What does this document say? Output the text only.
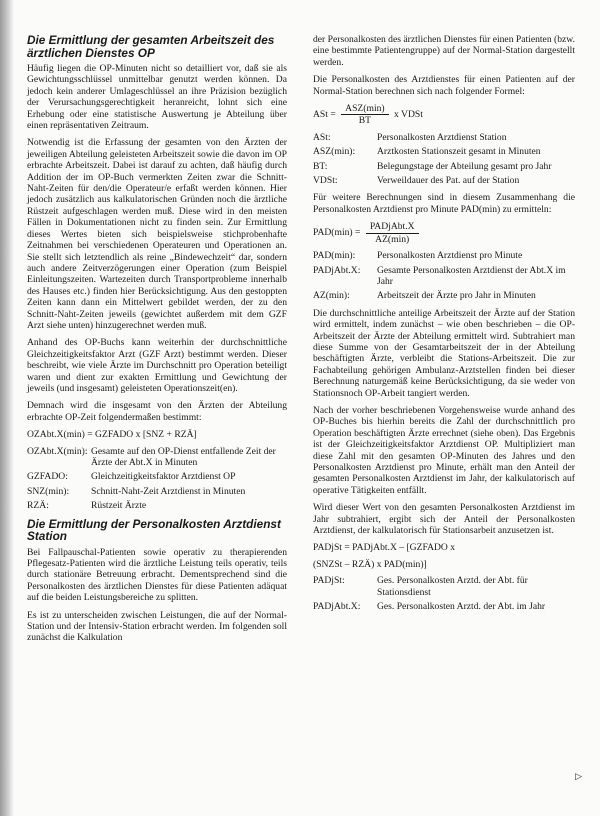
Die Ermittlung der gesamten Arbeitszeit des ärztlichen Dienstes OP

Häufig liegen die OP-Minuten nicht so detailliert vor, daß sie als Gewichtungsschlüssel unmittelbar genutzt werden können. Da jedoch kein anderer Umlageschlüssel an ihre Präzision bezüglich der Verursachungsgerechtigkeit heranreicht, lohnt sich eine Erhebung oder eine statistische Auswertung je Abteilung über einen repräsentativen Zeitraum.

Notwendig ist die Erfassung der gesamten von den Ärzten der jeweiligen Abteilung geleisteten Arbeitszeit sowie die davon im OP erbrachte Arbeitszeit. Dabei ist darauf zu achten, daß häufig durch Addition der im OP-Buch vermerkten Zeiten zwar die Schnitt-Naht-Zeiten für den/die Operateur/e erfaßt werden können. Hier jedoch zusätzlich aus kalkulatorischen Gründen noch die ärztliche Rüstzeit aufgeschlagen werden muß. Diese wird in den meisten Fällen in Dokumentationen nicht zu finden sein. Zur Ermittlung dieses Wertes bieten sich beispielsweise stichprobenhafte Zeitnahmen bei verschiedenen Operateuren und Operationen an. Sie stellt sich letztendlich als reine „Bindewechzeit“ dar, sondern auch andere Zeitverzögerungen einer Operation (zum Beispiel Einleitungszeiten. Wartezeiten durch Transportprobleme innerhalb des Hauses etc.) finden hier Berücksichtigung. Aus den gestoppten Zeiten kann dann ein Mittelwert gebildet werden, der zu den Schnitt-Naht-Zeiten jeweils (gewichtet außerdem mit dem GZF Arzt siehe unten) hinzugerechnet werden muß.

Anhand des OP-Buchs kann weiterhin der durchschnittliche Gleichzeitigkeitsfaktor Arzt (GZF Arzt) bestimmt werden. Dieser beschreibt, wie viele Ärzte im Durchschnitt pro Operation beteiligt waren und dient zur exakten Ermittlung und Gewichtung der jeweils (und insgesamt) geleisteten Operationszeit(en).

Demnach wird die insgesamt von den Ärzten der Abteilung erbrachte OP-Zeit folgendermaßen bestimmt:

OZAbt.X(min) = GZFADO x [SNZ + RZÄ]
OZAbt.X(min): Gesamte auf den OP-Dienst entfallende Zeit der Ärzte der Abt.X in Minuten
GZFADO:	Gleichzeitigkeitsfaktor Arztdienst OP
SNZ(min):	Schnitt-Naht-Zeit Arztdienst in Minuten
RZÄ:	Rüstzeit Ärzte
Die Ermittlung der Personalkosten Arztdienst Station

Bei Fallpauschal-Patienten sowie operativ zu therapierenden Pflegesatz-Patienten wird die ärztliche Leistung teils operativ, teils durch stationäre Betreuung erbracht. Dementsprechend sind die Personalkosten des ärztlichen Dienstes für diese Patienten adäquat auf die beiden Leistungsbereiche zu splitten.

Es ist zu unterscheiden zwischen Leistungen, die auf der Normal-Station und der Intensiv-Station erbracht werden. Im folgenden soll zunächst die Kalkulation

der Personalkosten des ärztlichen Dienstes für einen Patienten (bzw. eine bestimmte Patientengruppe) auf der Normal-Station dargestellt werden.

Die Personalkosten des Arztdienstes für einen Patienten auf der Normal-Station berechnen sich nach folgender Formel:

ASt = $\frac{\text{ASZ(min)}}{BT}$ x VDSt
ASt:	Personalkosten Arztdienst Station
ASZ(min):	Arztkosten Stationszeit gesamt in Minuten
BT:	Belegungstage der Abteilung gesamt pro Jahr
VDSt:	Verweildauer des Pat. auf der Station

Für weitere Berechnungen sind in diesem Zusammenhang die Personalkosten Arztdienst pro Minute PAD(min) zu ermitteln:

$PAD(\min) = \frac{\text{PADjAbt.X}}{AZ(\min)}$
PAD(min):	Personalkosten Arztdienst pro Minute
PADjAbt.X:	Gesamte Personalkosten Arztdienst der Abt.X im Jahr
AZ(min):	Arbeitszeit der Ärzte pro Jahr in Minuten

Die durchschnittliche anteilige Arbeitszeit der Ärzte auf der Station wird ermittelt, indem zunächst – wie oben beschrieben – die OP-Arbeitszeit der Ärzte der Abteilung ermittelt wird. Subtrahiert man diese Summe von der Gesamtarbeitszeit der in der Abteilung beschäftigten Ärzte, verbleibt die Stations-Arbeitszeit. Die zur Fachabteilung gehörigen Ambulanz-Arztstellen finden bei dieser Berechnung naturgemäß keine Berücksichtigung, da sie weder von Stationsnoch OP-Arbeit tangiert werden.

Nach der vorher beschriebenen Vorgehensweise wurde anhand des OP-Buches bis hierhin bereits die Zahl der durchschnittlich pro Operation beschäftigten Ärzte errechnet (siehe oben). Das Ergebnis ist der Gleichzeitigkeitsfaktor Arztdienst OP. Multipliziert man diese Zahl mit den gesamten OP-Minuten des Jahres und den Personalkosten Arztdienst pro Minute, erhält man den Anteil der gesamten Personalkosten Arztdienst im Jahr, der kalkulatorisch auf operative Tätigkeiten entfällt.

Wird dieser Wert von den gesamten Personalkosten Arztdienst im Jahr subtrahiert, ergibt sich der Anteil der Personalkosten Arztdienst, der kalkulatorisch für Stationsarbeit anzusetzen ist.

PADjSt = PADjAbt.X – [GZFADO x
(SNZSt – RZÄ) x PAD(min)]
PADjSt:	Ges. Personalkosten Arztd. der Abt. für Stationsdienst
PADjAbt.X:	Ges. Personalkosten Arztd. der Abt. im Jahr
▷
